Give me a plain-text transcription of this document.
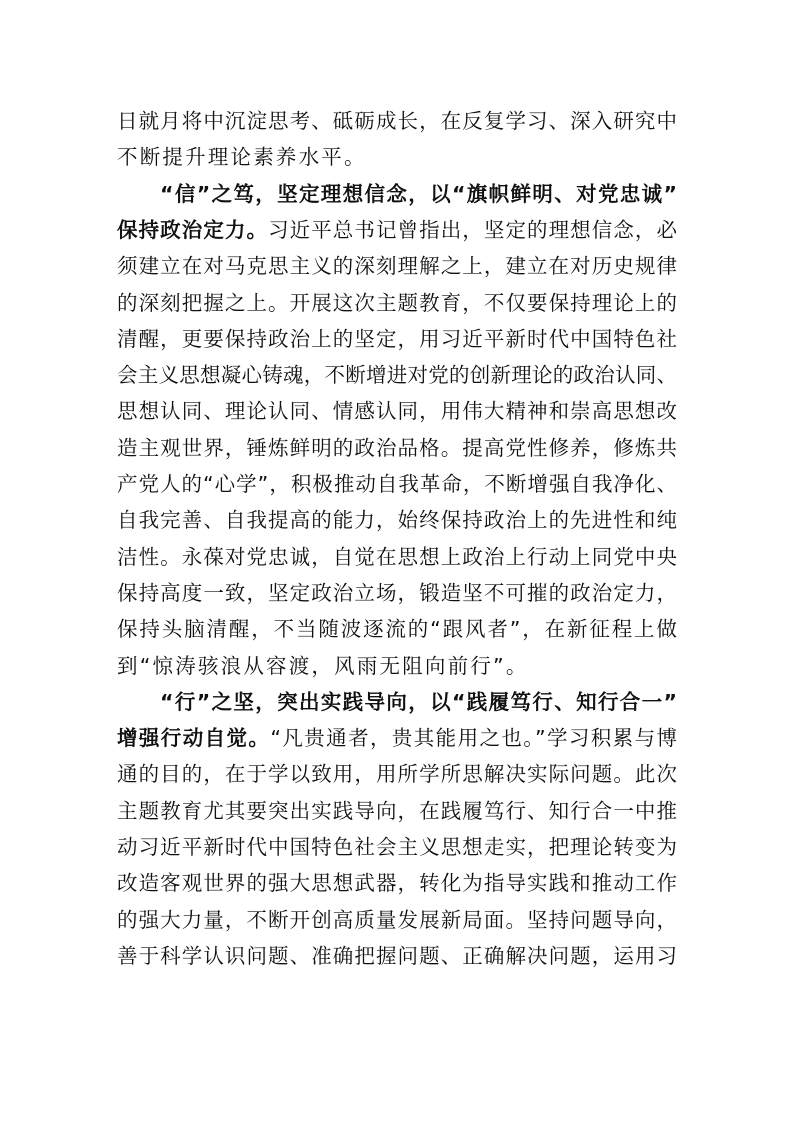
日就月将中沉淀思考、砥砺成长，在反复学习、深入研究中
不断提升理论素养水平。
“信”之笃，坚定理想信念，以“旗帜鲜明、对党忠诚”
保持政治定力。习近平总书记曾指出，坚定的理想信念，必
须建立在对马克思主义的深刻理解之上，建立在对历史规律
的深刻把握之上。开展这次主题教育，不仅要保持理论上的
清醒，更要保持政治上的坚定，用习近平新时代中国特色社
会主义思想凝心铸魂，不断增进对党的创新理论的政治认同、
思想认同、理论认同、情感认同，用伟大精神和崇高思想改
造主观世界，锤炼鲜明的政治品格。提高党性修养，修炼共
产党人的“心学”，积极推动自我革命，不断增强自我净化、
自我完善、自我提高的能力，始终保持政治上的先进性和纯
洁性。永葆对党忠诚，自觉在思想上政治上行动上同党中央
保持高度一致，坚定政治立场，锻造坚不可摧的政治定力，
保持头脑清醒，不当随波逐流的“跟风者”，在新征程上做
到“惊涛骇浪从容渡，风雨无阻向前行”。
“行”之坚，突出实践导向，以“践履笃行、知行合一”
增强行动自觉。“凡贵通者，贵其能用之也。”学习积累与博
通的目的，在于学以致用，用所学所思解决实际问题。此次
主题教育尤其要突出实践导向，在践履笃行、知行合一中推
动习近平新时代中国特色社会主义思想走实，把理论转变为
改造客观世界的强大思想武器，转化为指导实践和推动工作
的强大力量，不断开创高质量发展新局面。坚持问题导向，
善于科学认识问题、准确把握问题、正确解决问题，运用习
